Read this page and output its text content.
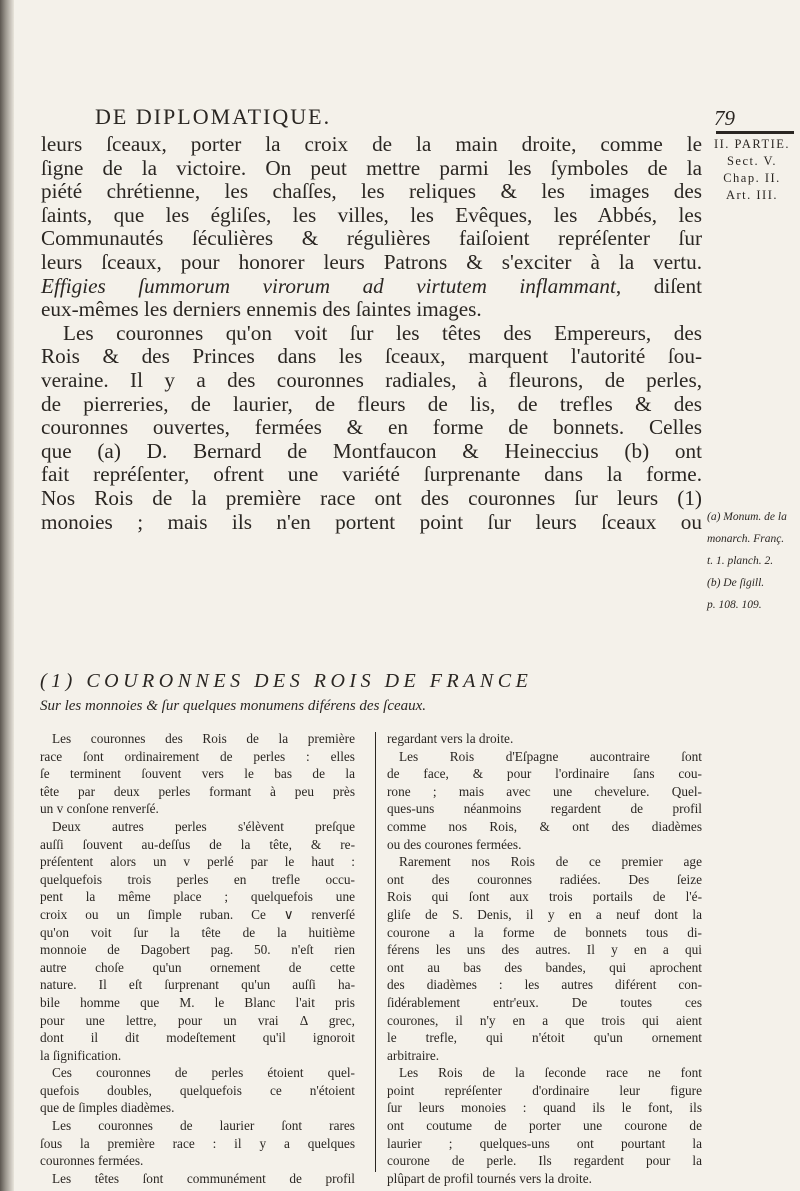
DE DIPLOMATIQUE.	79
leurs ſceaux, porter la croix de la main droite, comme le
ſigne de la victoire. On peut mettre parmi les ſymboles de la
piété chrétienne, les chaſſes, les reliques & les images des
ſaints, que les égliſes, les villes, les Evêques, les Abbés, les
Communautés ſéculières & régulières faiſoient repréſenter ſur
leurs ſceaux, pour honorer leurs Patrons & s'exciter à la vertu.
Effigies ſummorum virorum ad virtutem inflammant, diſent
eux-mêmes les derniers ennemis des ſaintes images.
Les couronnes qu'on voit ſur les têtes des Empereurs, des
Rois & des Princes dans les ſceaux, marquent l'autorité ſou-
veraine. Il y a des couronnes radiales, à fleurons, de perles,
de pierreries, de laurier, de fleurs de lis, de trefles & des
couronnes ouvertes, fermées & en forme de bonnets. Celles
que (a) D. Bernard de Montfaucon & Heineccius (b) ont
fait repréſenter, ofrent une variété ſurprenante dans la forme.
Nos Rois de la première race ont des couronnes ſur leurs (1)
monoies ; mais ils n'en portent point ſur leurs ſceaux ou
II. PARTIE.
Sect. V.
Chap. II.
Art. III.
(a) Monum. de la
monarch. Franç.
t. 1. planch. 2.
(b) De ſigill.
p. 108. 109.
(1) COURONNES DES ROIS DE FRANCE
Sur les monnoies & ſur quelques monumens diférens des ſceaux.
Les couronnes des Rois de la première
race ſont ordinairement de perles : elles
ſe terminent ſouvent vers le bas de la
tête par deux perles formant à peu près
un v conſone renverſé.
Deux autres perles s'élèvent preſque
auſſi ſouvent au-deſſus de la tête, & re-
préſentent alors un v perlé par le haut :
quelquefois trois perles en trefle occu-
pent la même place ; quelquefois une
croix ou un ſimple ruban. Ce ∨ renverſé
qu'on voit ſur la tête de la huitième
monnoie de Dagobert pag. 50. n'eſt rien
autre choſe qu'un ornement de cette
nature. Il eſt ſurprenant qu'un auſſi ha-
bile homme que M. le Blanc l'ait pris
pour une lettre, pour un vrai Δ grec,
dont il dit modeſtement qu'il ignoroit
la ſignification.
Ces couronnes de perles étoient quel-
quefois doubles, quelquefois ce n'étoient
que de ſimples diadèmes.
Les couronnes de laurier ſont rares
ſous la première race : il y a quelques
couronnes fermées.
Les têtes ſont communément de profil
regardant vers la droite.
Les Rois d'Eſpagne aucontraire ſont
de face, & pour l'ordinaire ſans cou-
rone ; mais avec une chevelure. Quel-
ques-uns néanmoins regardent de profil
comme nos Rois, & ont des diadèmes
ou des courones fermées.
Rarement nos Rois de ce premier age
ont des couronnes radiées. Des ſeize
Rois qui ſont aux trois portails de l'é-
gliſe de S. Denis, il y en a neuf dont la
courone a la forme de bonnets tous di-
férens les uns des autres. Il y en a qui
ont au bas des bandes, qui aprochent
des diadèmes : les autres diférent con-
ſidérablement entr'eux. De toutes ces
courones, il n'y en a que trois qui aient
le trefle, qui n'étoit qu'un ornement
arbitraire.
Les Rois de la ſeconde race ne font
point repréſenter d'ordinaire leur figure
ſur leurs monoies : quand ils le font, ils
ont coutume de porter une courone de
laurier ; quelques-uns ont pourtant la
courone de perle. Ils regardent pour la
plûpart de profil tournés vers la droite.
